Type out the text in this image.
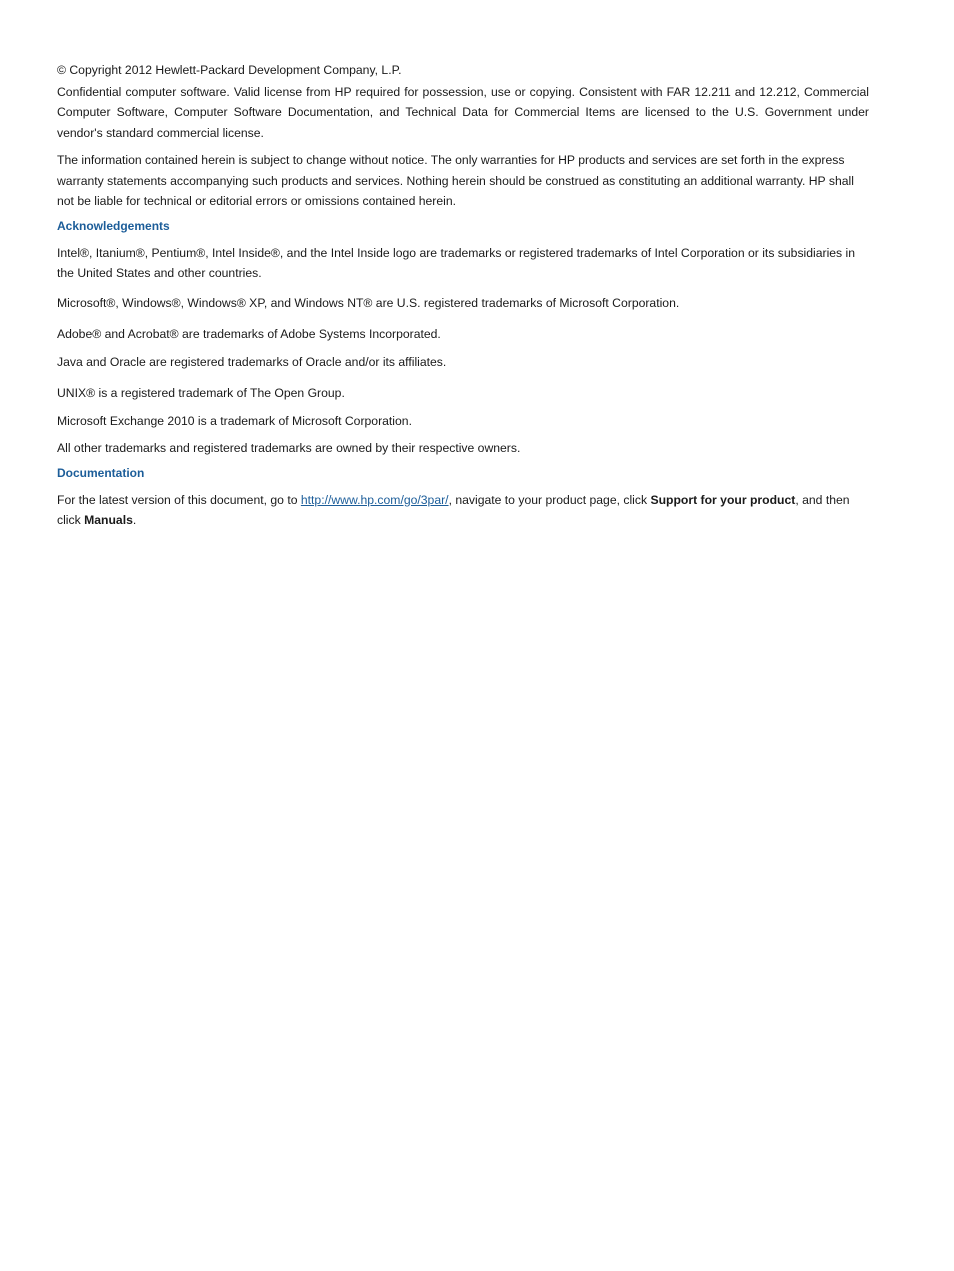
© Copyright 2012 Hewlett-Packard Development Company, L.P.

Confidential computer software. Valid license from HP required for possession, use or copying. Consistent with FAR 12.211 and 12.212, Commercial Computer Software, Computer Software Documentation, and Technical Data for Commercial Items are licensed to the U.S. Government under vendor's standard commercial license.

The information contained herein is subject to change without notice. The only warranties for HP products and services are set forth in the express warranty statements accompanying such products and services. Nothing herein should be construed as constituting an additional warranty. HP shall not be liable for technical or editorial errors or omissions contained herein.

Acknowledgements

Intel®, Itanium®, Pentium®, Intel Inside®, and the Intel Inside logo are trademarks or registered trademarks of Intel Corporation or its subsidiaries in the United States and other countries.

Microsoft®, Windows®, Windows® XP, and Windows NT® are U.S. registered trademarks of Microsoft Corporation.

Adobe® and Acrobat® are trademarks of Adobe Systems Incorporated.

Java and Oracle are registered trademarks of Oracle and/or its affiliates.

UNIX® is a registered trademark of The Open Group.

Microsoft Exchange 2010 is a trademark of Microsoft Corporation.

All other trademarks and registered trademarks are owned by their respective owners.

Documentation

For the latest version of this document, go to http://www.hp.com/go/3par/, navigate to your product page, click Support for your product, and then click Manuals.
